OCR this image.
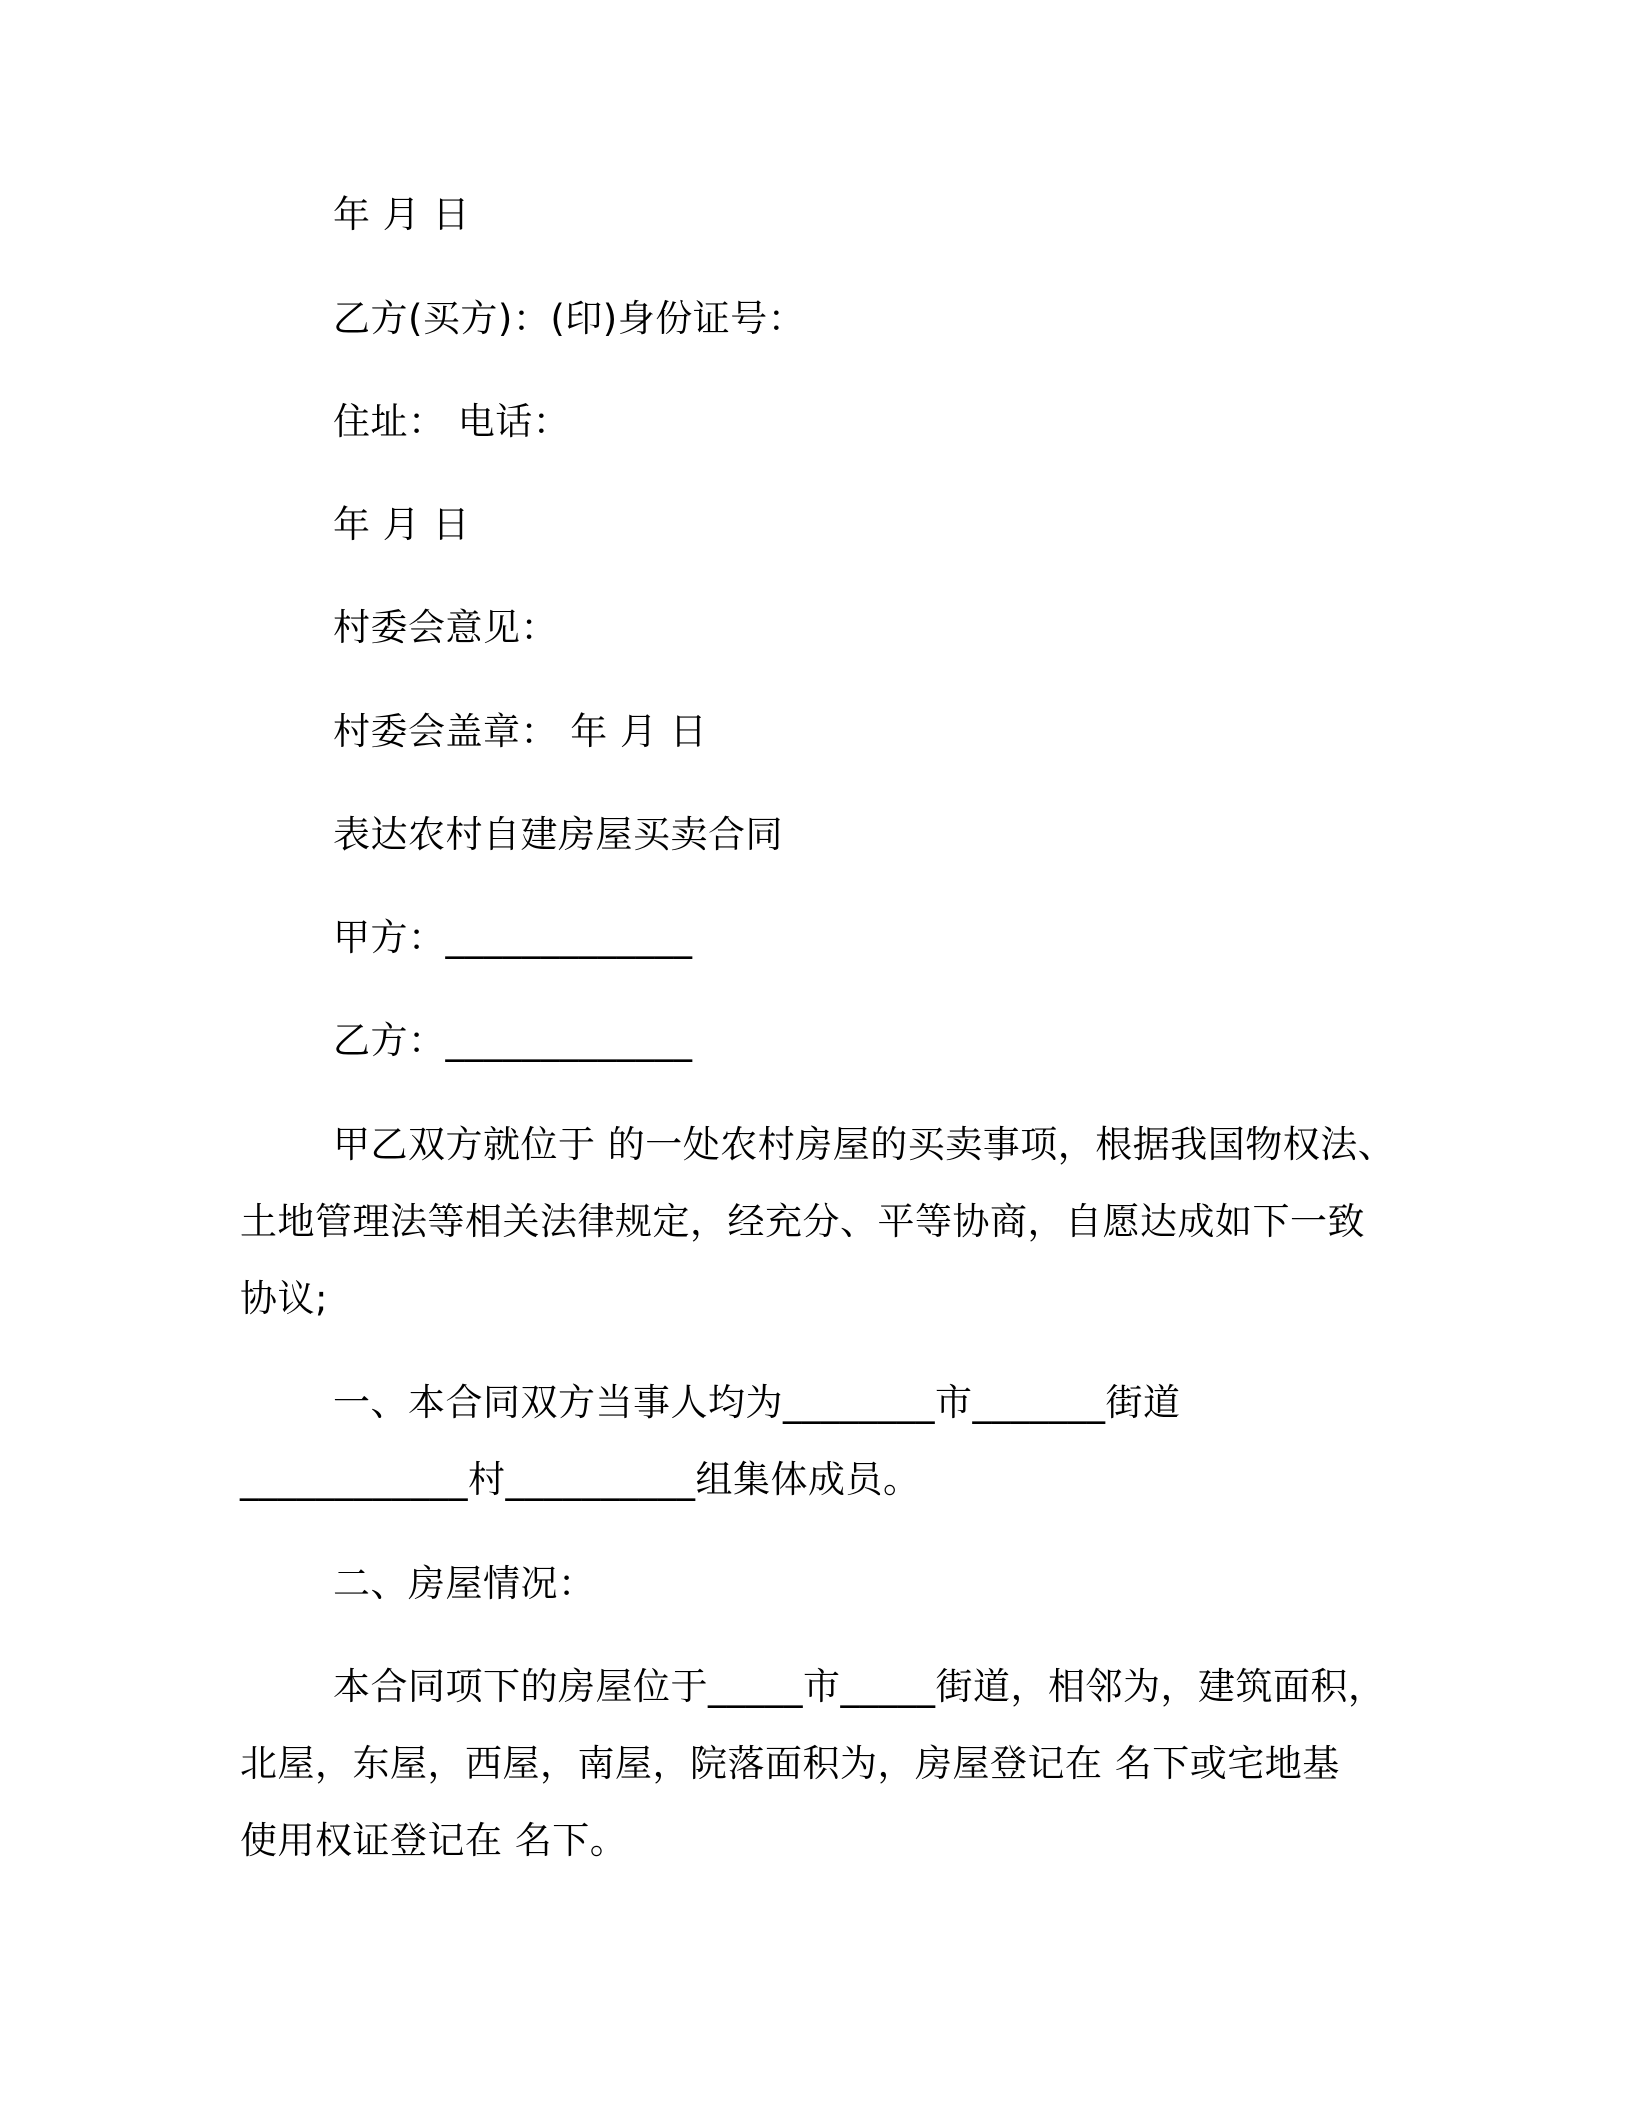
年 月 日

乙方(买方)：(印)身份证号：

住址： 电话：

年 月 日

村委会意见：

村委会盖章： 年 月 日

表达农村自建房屋买卖合同

甲方：_____________

乙方：_____________

甲乙双方就位于 的一处农村房屋的买卖事项，根据我国物权法、

土地管理法等相关法律规定，经充分、平等协商，自愿达成如下一致

协议;

一、本合同双方当事人均为________市_______街道

____________村__________组集体成员。

二、房屋情况：

本合同项下的房屋位于_____市_____街道，相邻为，建筑面积，

北屋，东屋，西屋，南屋，院落面积为，房屋登记在 名下或宅地基

使用权证登记在 名下。
